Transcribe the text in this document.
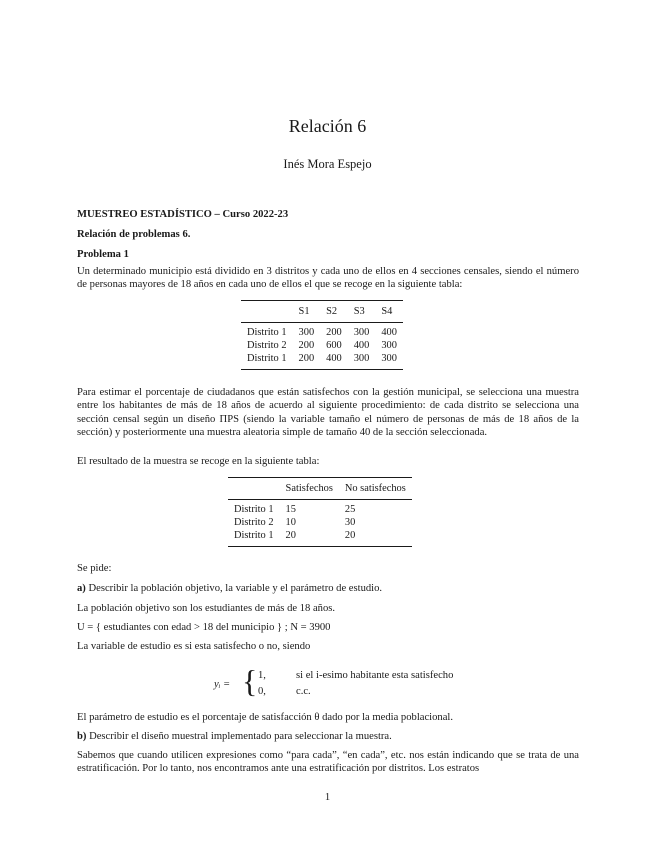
Relación 6
Inés Mora Espejo
MUESTREO ESTADÍSTICO – Curso 2022-23
Relación de problemas 6.
Problema 1
Un determinado municipio está dividido en 3 distritos y cada uno de ellos en 4 secciones censales, siendo el número de personas mayores de 18 años en cada uno de ellos el que se recoge en la siguiente tabla:
	S1	S2	S3	S4
Distrito 1	300	200	300	400
Distrito 2	200	600	400	300
Distrito 1	200	400	300	300
Para estimar el porcentaje de ciudadanos que están satisfechos con la gestión municipal, se selecciona una muestra entre los habitantes de más de 18 años de acuerdo al siguiente procedimiento: de cada distrito se selecciona una sección censal según un diseño ΠPS (siendo la variable tamaño el número de personas de más de 18 años de la sección) y posteriormente una muestra aleatoria simple de tamaño 40 de la sección seleccionada.
El resultado de la muestra se recoge en la siguiente tabla:
	Satisfechos	No satisfechos
Distrito 1	15	25
Distrito 2	10	30
Distrito 1	20	20
Se pide:
a) Describir la población objetivo, la variable y el parámetro de estudio.
La población objetivo son los estudiantes de más de 18 años.
U = { estudiantes con edad > 18 del municipio } ; N = 3900
La variable de estudio es si esta satisfecho o no, siendo
yᵢ = { 1,	si el i-esimo habitante esta satisfecho
0,	c.c.
El parámetro de estudio es el porcentaje de satisfacción θ dado por la media poblacional.
b) Describir el diseño muestral implementado para seleccionar la muestra.
Sabemos que cuando utilicen expresiones como “para cada”, “en cada”, etc. nos están indicando que se trata de una estratificación. Por lo tanto, nos encontramos ante una estratificación por distritos. Los estratos
1
